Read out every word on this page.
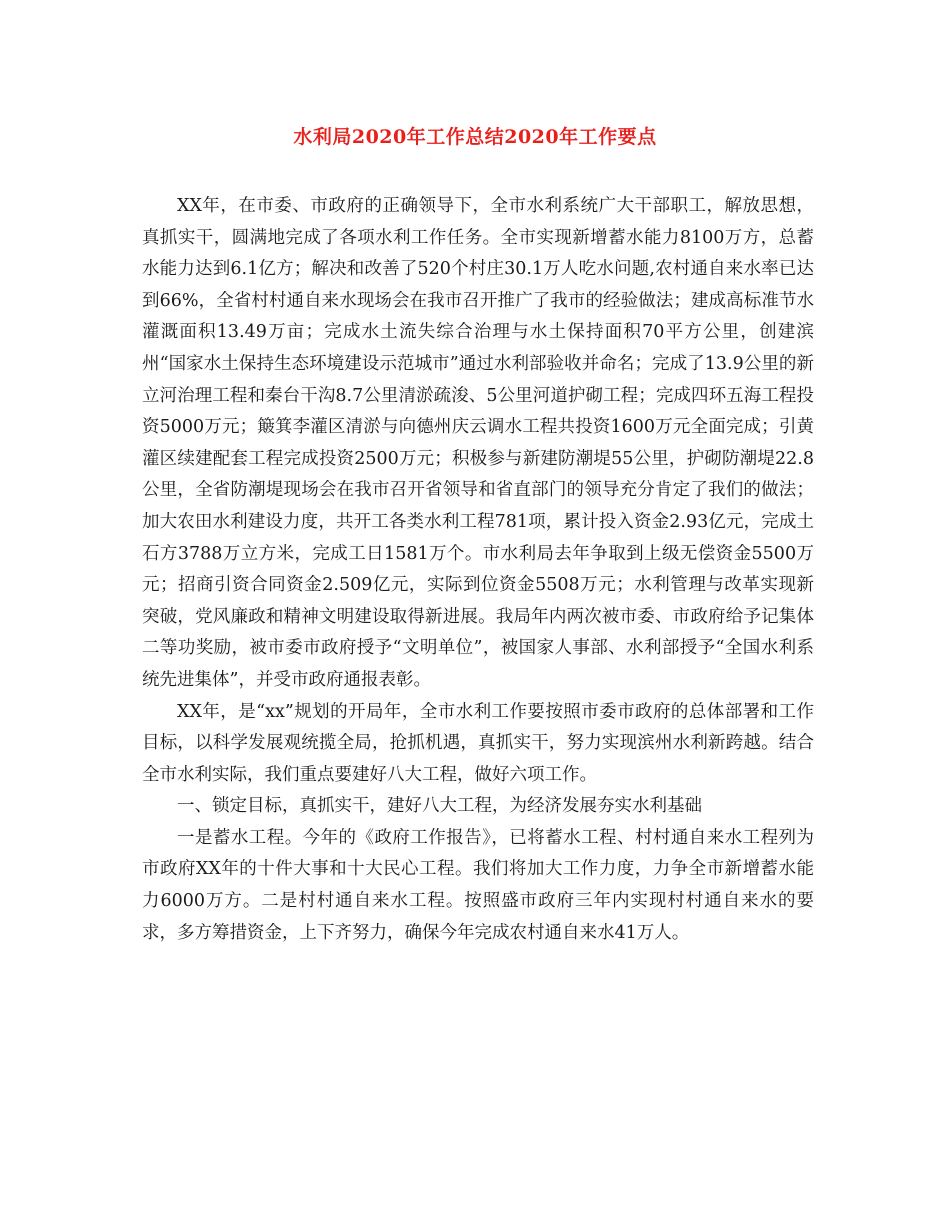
水利局2020年工作总结2020年工作要点

XX年，在市委、市政府的正确领导下，全市水利系统广大干部职工，解放思想，真抓实干，圆满地完成了各项水利工作任务。全市实现新增蓄水能力8100万方，总蓄水能力达到6.1亿方；解决和改善了520个村庄30.1万人吃水问题,农村通自来水率已达到66%，全省村村通自来水现场会在我市召开推广了我市的经验做法；建成高标准节水灌溉面积13.49万亩；完成水土流失综合治理与水土保持面积70平方公里，创建滨州“国家水土保持生态环境建设示范城市”通过水利部验收并命名；完成了13.9公里的新立河治理工程和秦台干沟8.7公里清淤疏浚、5公里河道护砌工程；完成四环五海工程投资5000万元；簸箕李灌区清淤与向德州庆云调水工程共投资1600万元全面完成；引黄灌区续建配套工程完成投资2500万元；积极参与新建防潮堤55公里，护砌防潮堤22.8公里，全省防潮堤现场会在我市召开省领导和省直部门的领导充分肯定了我们的做法；加大农田水利建设力度，共开工各类水利工程781项，累计投入资金2.93亿元，完成土石方3788万立方米，完成工日1581万个。市水利局去年争取到上级无偿资金5500万元；招商引资合同资金2.509亿元，实际到位资金5508万元；水利管理与改革实现新突破，党风廉政和精神文明建设取得新进展。我局年内两次被市委、市政府给予记集体二等功奖励，被市委市政府授予“文明单位”，被国家人事部、水利部授予“全国水利系统先进集体”，并受市政府通报表彰。

XX年，是“xx”规划的开局年，全市水利工作要按照市委市政府的总体部署和工作目标，以科学发展观统揽全局，抢抓机遇，真抓实干，努力实现滨州水利新跨越。结合全市水利实际，我们重点要建好八大工程，做好六项工作。

一、锁定目标，真抓实干，建好八大工程，为经济发展夯实水利基础

一是蓄水工程。今年的《政府工作报告》，已将蓄水工程、村村通自来水工程列为市政府XX年的十件大事和十大民心工程。我们将加大工作力度，力争全市新增蓄水能力6000万方。二是村村通自来水工程。按照盛市政府三年内实现村村通自来水的要求，多方筹措资金，上下齐努力，确保今年完成农村通自来水41万人。
